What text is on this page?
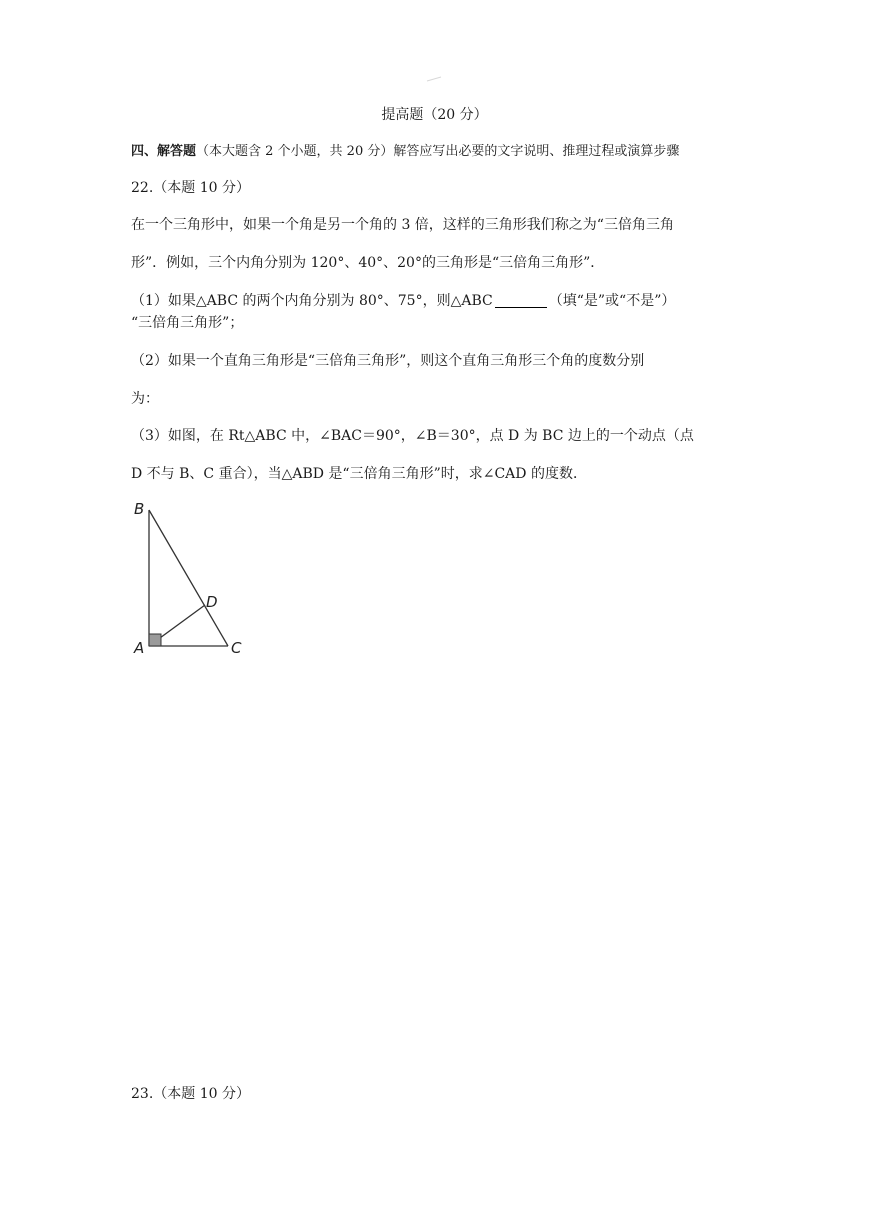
提高题（20 分）
四、解答题（本大题含 2 个小题，共 20 分）解答应写出必要的文字说明、推理过程或演算步骤
22.（本题 10 分）
在一个三角形中，如果一个角是另一个角的 3 倍，这样的三角形我们称之为“三倍角三角
形”．例如，三个内角分别为 120°、40°、20°的三角形是“三倍角三角形”．
（1）如果△ABC 的两个内角分别为 80°、75°，则△ABC	（填“是”或“不是”）
“三倍角三角形”；
（2）如果一个直角三角形是“三倍角三角形”，则这个直角三角形三个角的度数分别
为：
（3）如图，在 Rt△ABC 中，∠BAC＝90°，∠B＝30°，点 D 为 BC 边上的一个动点（点
D 不与 B、C 重合），当△ABD 是“三倍角三角形”时，求∠CAD 的度数．
B
A	C
D
23.（本题 10 分）
